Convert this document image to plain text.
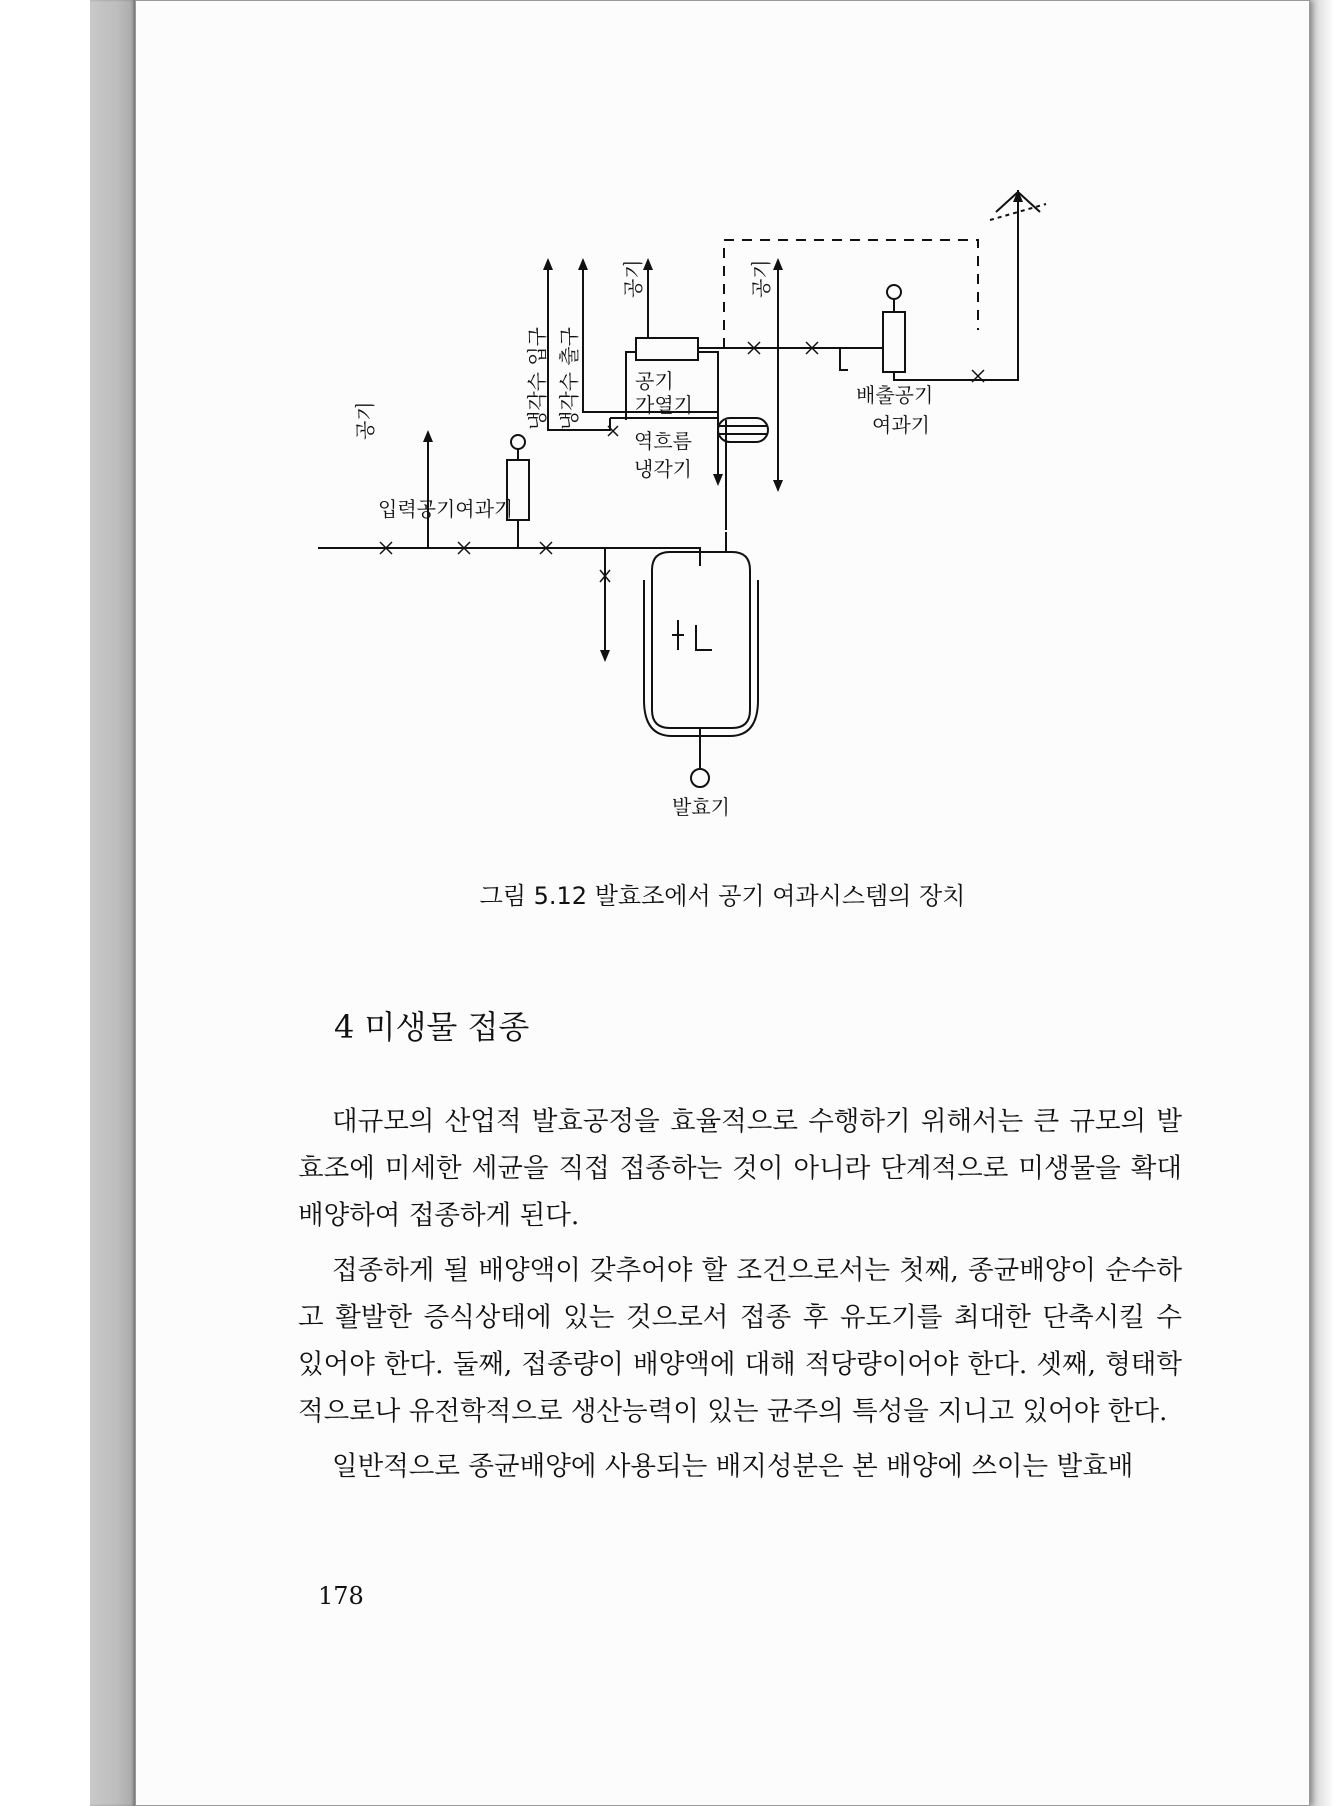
공기
입력공기여과기
냉각수 입구 냉각수 출구
공기
공기
가열기
역흐름
냉각기
공기
배출공기
여과기
발효기
그림 5.12 발효조에서 공기 여과시스템의 장치
4 미생물 접종

대규모의 산업적 발효공정을 효율적으로 수행하기 위해서는 큰 규모의 발효조에 미세한 세균을 직접 접종하는 것이 아니라 단계적으로 미생물을 확대 배양하여 접종하게 된다.

접종하게 될 배양액이 갖추어야 할 조건으로서는 첫째, 종균배양이 순수하고 활발한 증식상태에 있는 것으로서 접종 후 유도기를 최대한 단축시킬 수 있어야 한다. 둘째, 접종량이 배양액에 대해 적당량이어야 한다. 셋째, 형태학적으로나 유전학적으로 생산능력이 있는 균주의 특성을 지니고 있어야 한다.

일반적으로 종균배양에 사용되는 배지성분은 본 배양에 쓰이는 발효배

178
